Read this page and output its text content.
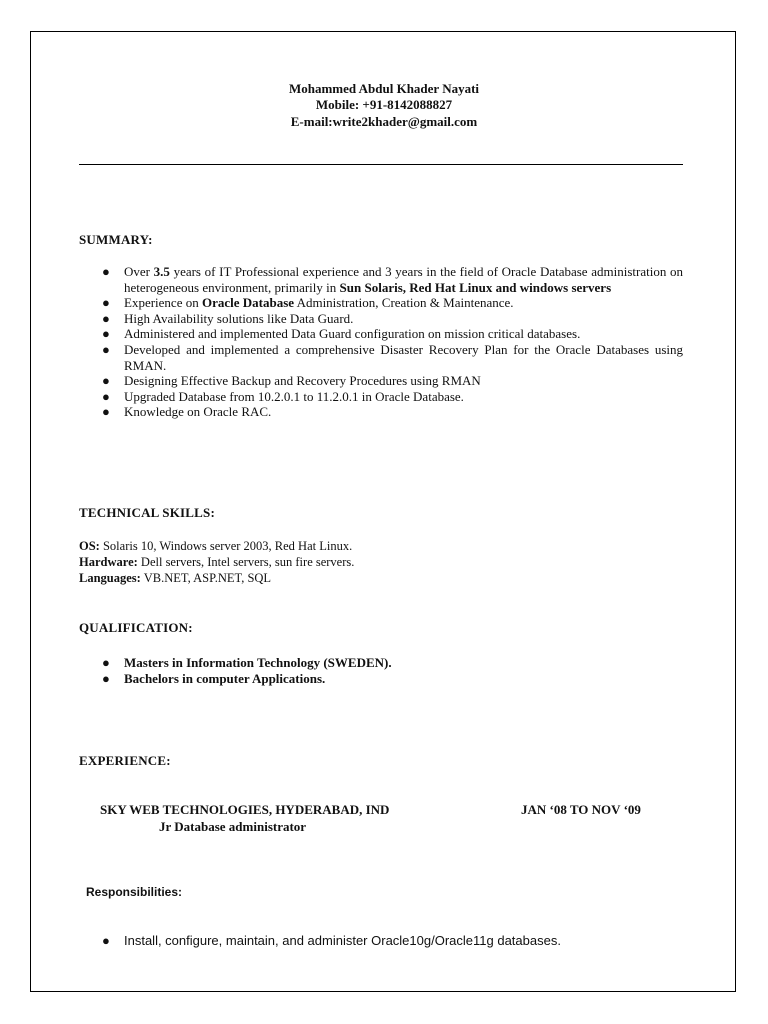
Mohammed Abdul Khader Nayati
Mobile: +91-8142088827
E-mail:write2khader@gmail.com
SUMMARY:
● Over 3.5 years of IT Professional experience and 3 years in the field of Oracle Database administration on heterogeneous environment, primarily in Sun Solaris, Red Hat Linux and windows servers
● Experience on Oracle Database Administration, Creation & Maintenance.
● High Availability solutions like Data Guard.
● Administered and implemented Data Guard configuration on mission critical databases.
● Developed and implemented a comprehensive Disaster Recovery Plan for the Oracle Databases using RMAN.
● Designing Effective Backup and Recovery Procedures using RMAN
● Upgraded Database from 10.2.0.1 to 11.2.0.1 in Oracle Database.
● Knowledge on Oracle RAC.
TECHNICAL SKILLS:
OS: Solaris 10, Windows server 2003, Red Hat Linux.
Hardware: Dell servers, Intel servers, sun fire servers.
Languages: VB.NET, ASP.NET, SQL
QUALIFICATION:
● Masters in Information Technology (SWEDEN).
● Bachelors in computer Applications.
EXPERIENCE:
SKY WEB TECHNOLOGIES, HYDERABAD, IND	JAN ‘08 TO NOV ‘09
Jr Database administrator
Responsibilities:
● Install, configure, maintain, and administer Oracle10g/Oracle11g databases.
